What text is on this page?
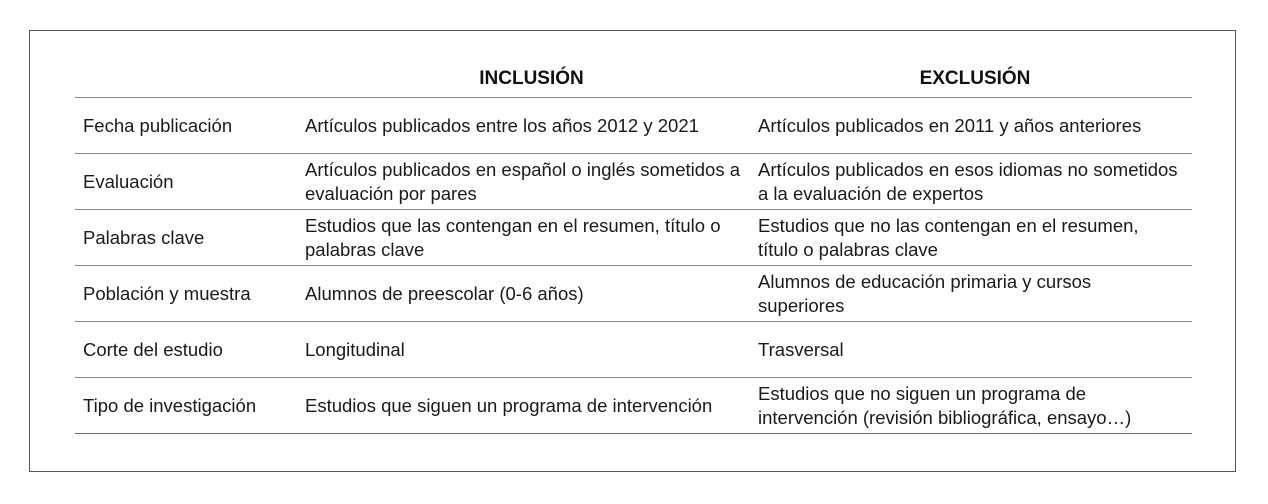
	INCLUSIÓN	EXCLUSIÓN
Fecha publicación	Artículos publicados entre los años 2012 y 2021	Artículos publicados en 2011 y años anteriores
Evaluación	Artículos publicados en español o inglés sometidos a evaluación por pares	Artículos publicados en esos idiomas no sometidos a la evaluación de expertos
Palabras clave	Estudios que las contengan en el resumen, título o palabras clave	Estudios que no las contengan en el resumen, título o palabras clave
Población y muestra	Alumnos de preescolar (0-6 años)	Alumnos de educación primaria y cursos superiores
Corte del estudio	Longitudinal	Trasversal
Tipo de investigación	Estudios que siguen un programa de intervención	Estudios que no siguen un programa de intervención (revisión bibliográfica, ensayo…)
